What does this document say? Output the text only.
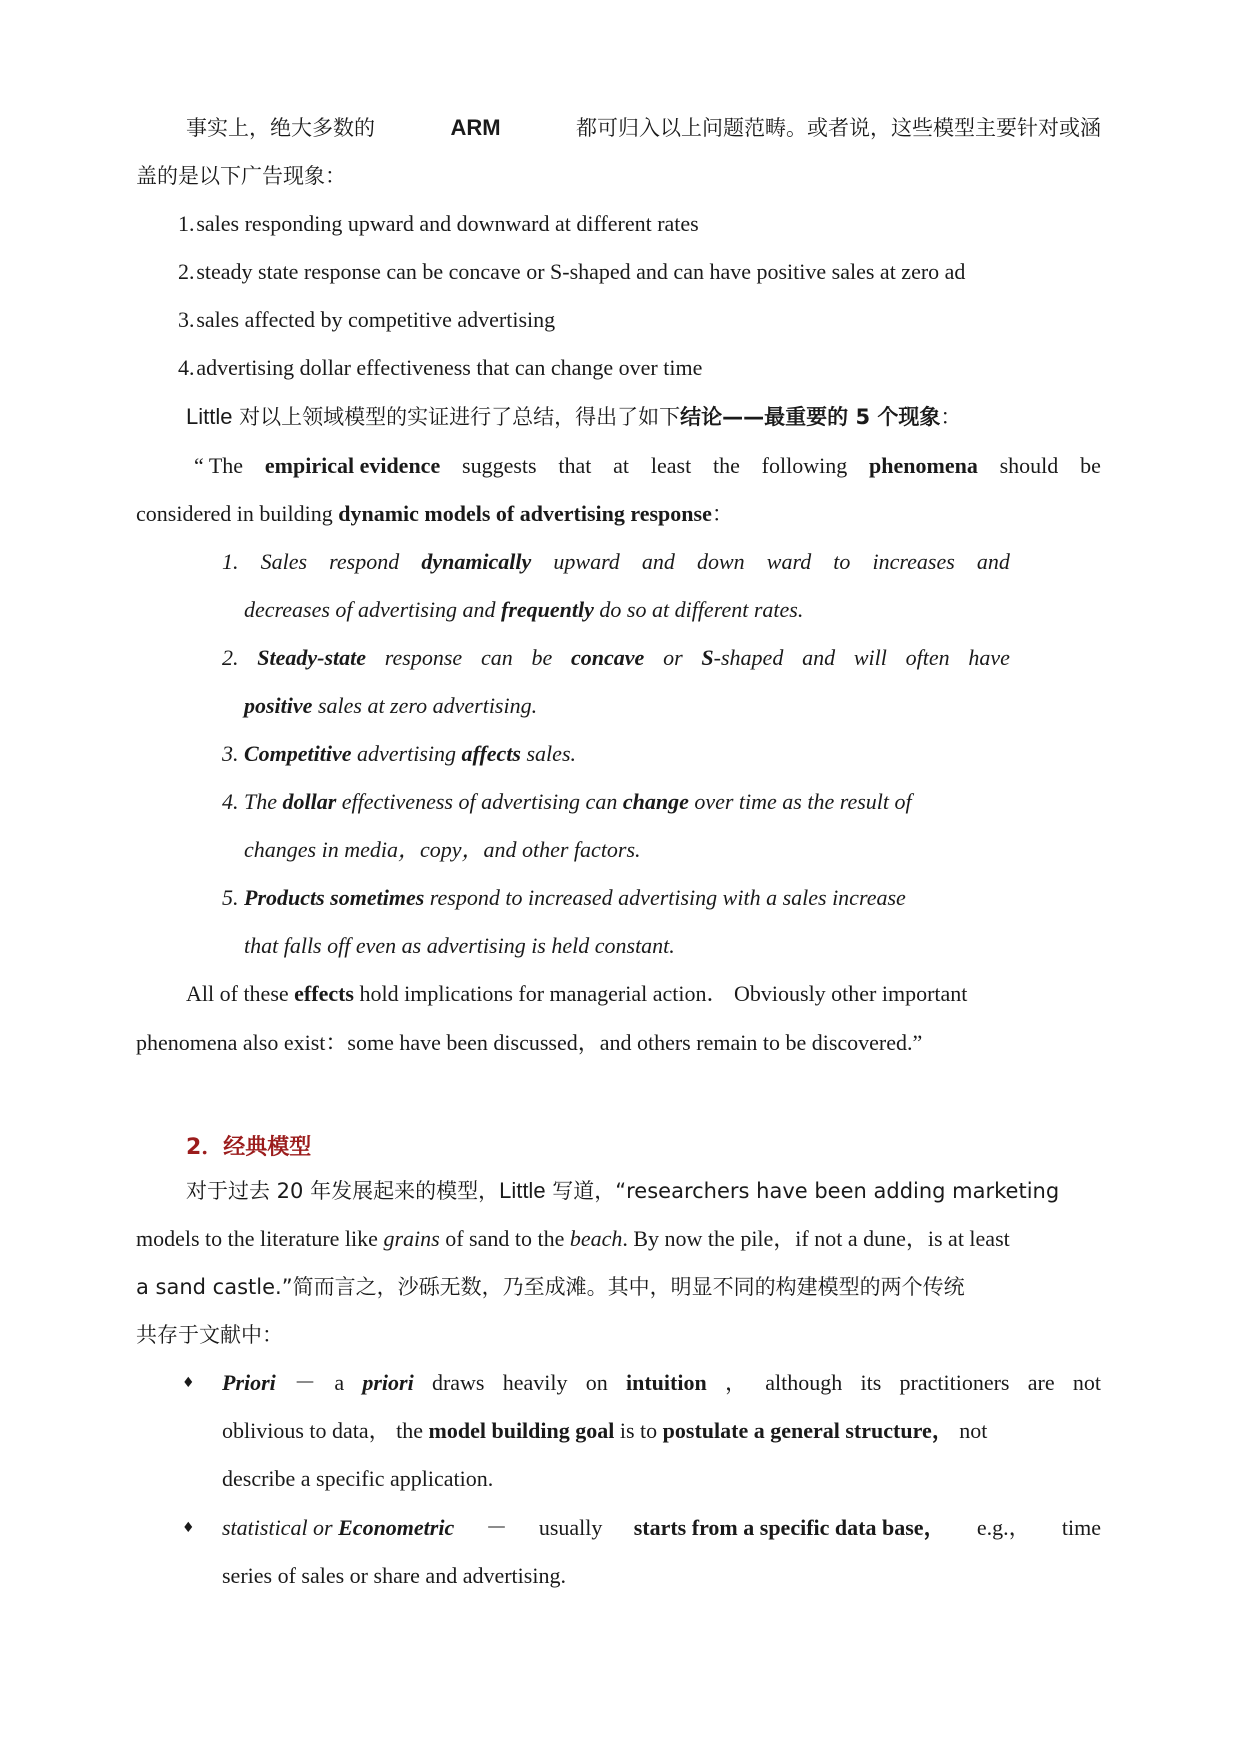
事实上，绝大多数的	ARM	都可归入以上问题范畴。或者说，这些模型主要针对或涵
盖的是以下广告现象：
1. sales responding upward and downward at different rates
2. steady state response can be concave or S-shaped and can have positive sales at zero ad
3. sales affected by competitive advertising
4. advertising dollar effectiveness that can change over time
Little 对以上领域模型的实证进行了总结，得出了如下结论——最重要的 5 个现象：
“ The empirical evidence suggests that at least the following phenomena should be
considered in building dynamic models of advertising response：
1. Sales respond dynamically upward and down ward to increases and
decreases of advertising and frequently do so at different rates.
2. Steady-state response can be concave or S-shaped and will often have
positive sales at zero advertising.
3. Competitive advertising affects sales.
4. The dollar effectiveness of advertising can change over time as the result of
changes in media，copy，and other factors.
5. Products sometimes respond to increased advertising with a sales increase
that falls off even as advertising is held constant.
All of these effects hold implications for managerial action． Obviously other important
phenomena also exist：some have been discussed，and others remain to be discovered.”
2．经典模型
对于过去 20 年发展起来的模型，Little 写道，“researchers have been adding marketing
models to the literature like grains of sand to the beach. By now the pile，if not a dune，is at least
a sand castle.”简而言之，沙砾无数，乃至成滩。其中，明显不同的构建模型的两个传统
共存于文献中：
♦ Priori － a priori draws heavily on intuition ， although its practitioners are not
oblivious to data， the model building goal is to postulate a general structure， not
describe a specific application.
♦ statistical or Econometric － usually starts from a specific data base， e.g.， time
series of sales or share and advertising.
